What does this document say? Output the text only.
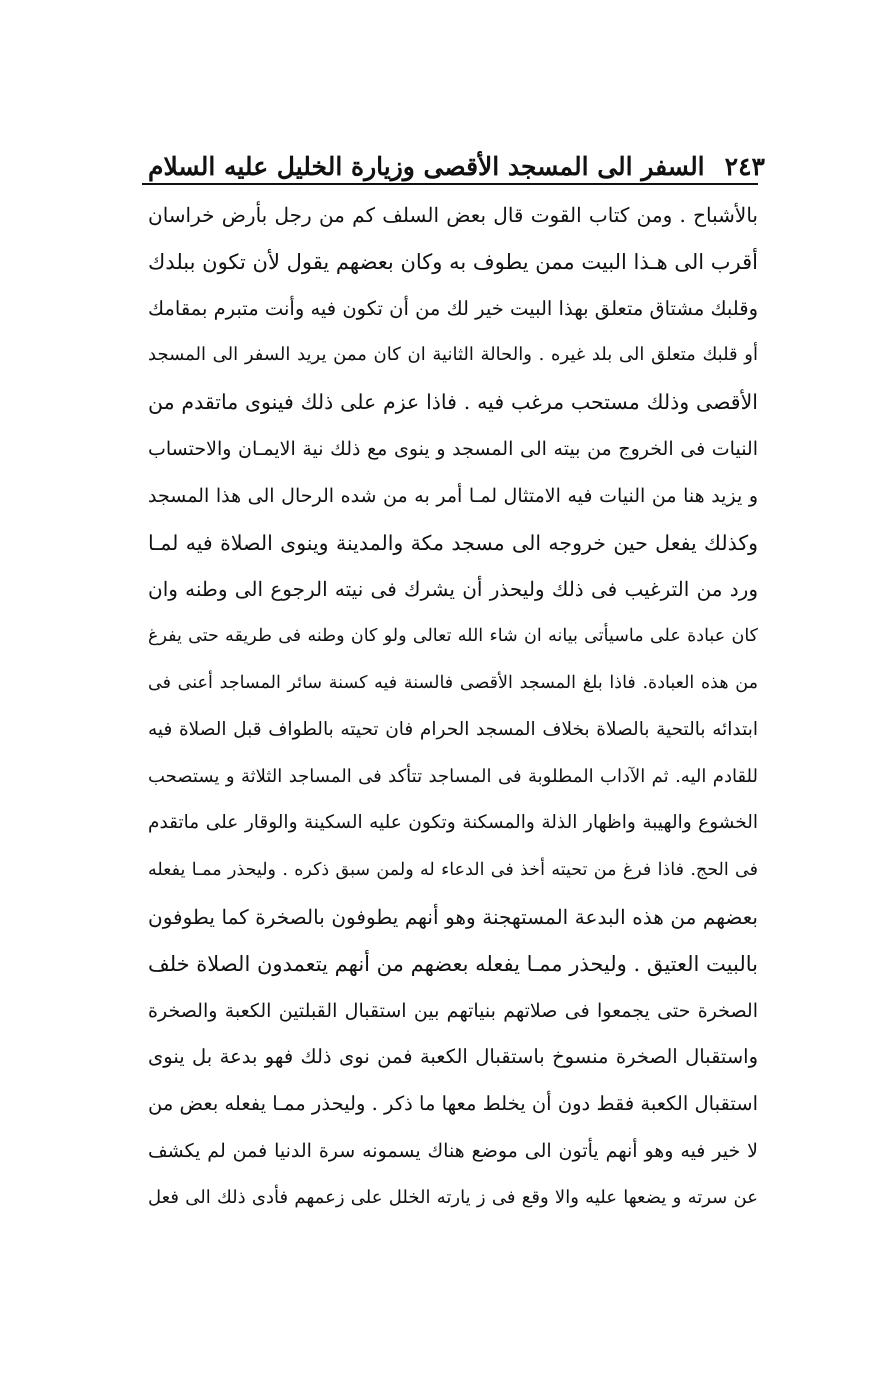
السفر الى المسجد الأقصى وزيارة الخليل عليه السلام ٢٤٣
بالأشباح . ومن كتاب القوت قال بعض السلف كم من رجل بأرض خراسان
أقرب الى هـذا البيت ممن يطوف به وكان بعضهم يقول لأن تكون ببلدك
وقلبك مشتاق متعلق بهذا البيت خير لك من أن تكون فيه وأنت متبرم بمقامك
أو قلبك متعلق الى بلد غيره . والحالة الثانية ان كان ممن يريد السفر الى المسجد
الأقصى وذلك مستحب مرغب فيه . فاذا عزم على ذلك فينوى ماتقدم من
النيات فى الخروج من بيته الى المسجد و ينوى مع ذلك نية الايمـان والاحتساب
و يزيد هنا من النيات فيه الامتثال لمـا أمر به من شده الرحال الى هذا المسجد
وكذلك يفعل حين خروجه الى مسجد مكة والمدينة وينوى الصلاة فيه لمـا
ورد من الترغيب فى ذلك وليحذر أن يشرك فى نيته الرجوع الى وطنه وان
كان عبادة على ماسيأتى بيانه ان شاء الله تعالى ولو كان وطنه فى طريقه حتى يفرغ
من هذه العبادة. فاذا بلغ المسجد الأقصى فالسنة فيه كسنة سائر المساجد أعنى فى
ابتدائه بالتحية بالصلاة بخلاف المسجد الحرام فان تحيته بالطواف قبل الصلاة فيه
للقادم اليه. ثم الآداب المطلوبة فى المساجد تتأكد فى المساجد الثلاثة و يستصحب
الخشوع والهيبة واظهار الذلة والمسكنة وتكون عليه السكينة والوقار على ماتقدم
فى الحج. فاذا فرغ من تحيته أخذ فى الدعاء له ولمن سبق ذكره . وليحذر ممـا يفعله
بعضهم من هذه البدعة المستهجنة وهو أنهم يطوفون بالصخرة كما يطوفون
بالبيت العتيق . وليحذر ممـا يفعله بعضهم من أنهم يتعمدون الصلاة خلف
الصخرة حتى يجمعوا فى صلاتهم بنياتهم بين استقبال القبلتين الكعبة والصخرة
واستقبال الصخرة منسوخ باستقبال الكعبة فمن نوى ذلك فهو بدعة بل ينوى
استقبال الكعبة فقط دون أن يخلط معها ما ذكر . وليحذر ممـا يفعله بعض من
لا خير فيه وهو أنهم يأتون الى موضع هناك يسمونه سرة الدنيا فمن لم يكشف
عن سرته و يضعها عليه والا وقع فى ز يارته الخلل على زعمهم فأدى ذلك الى فعل
